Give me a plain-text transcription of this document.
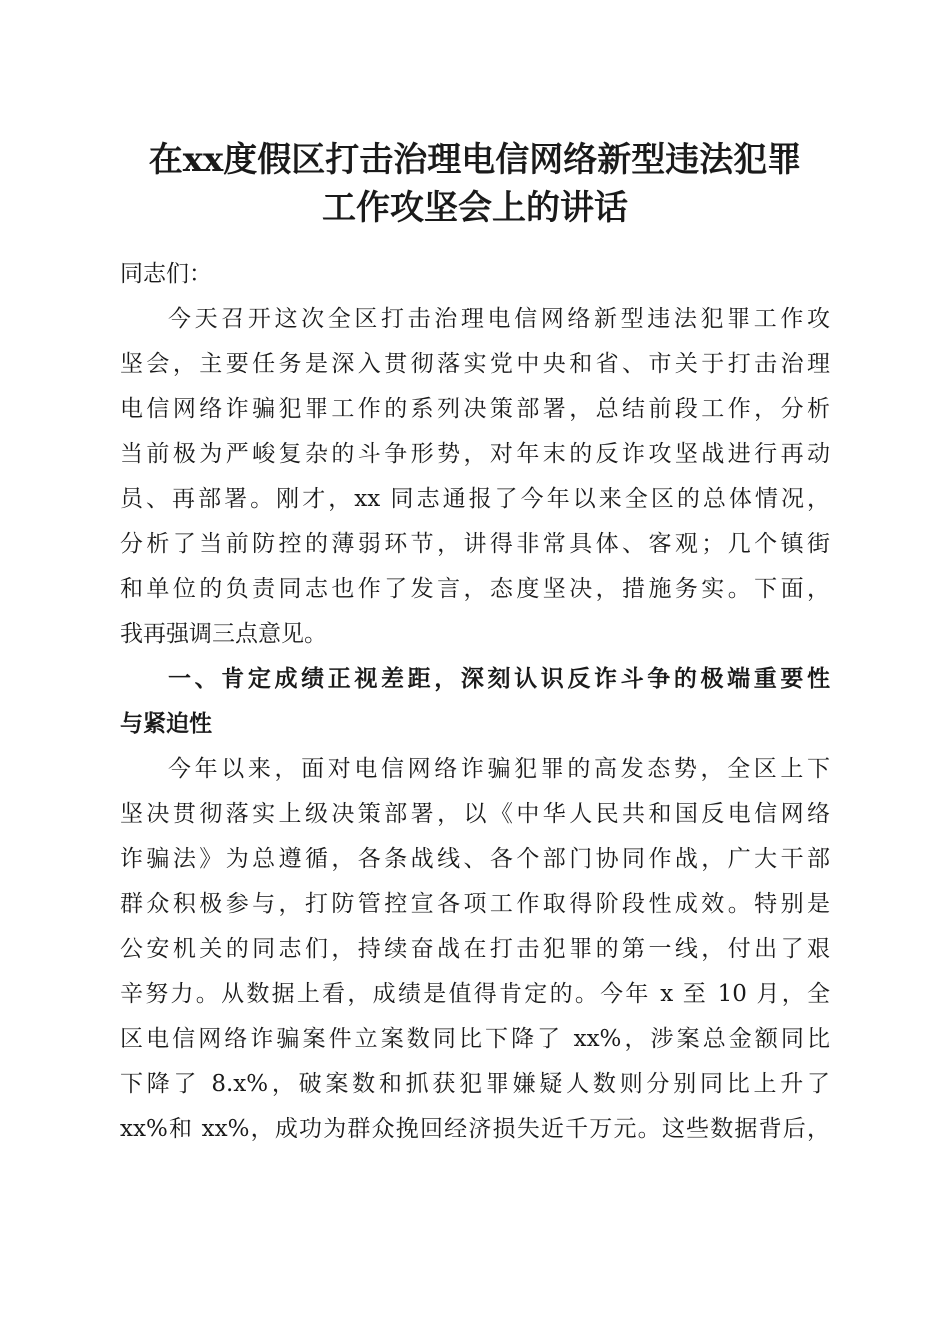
在xx度假区打击治理电信网络新型违法犯罪
工作攻坚会上的讲话
同志们：
今天召开这次全区打击治理电信网络新型违法犯罪工作攻
坚会，主要任务是深入贯彻落实党中央和省、市关于打击治理
电信网络诈骗犯罪工作的系列决策部署，总结前段工作，分析
当前极为严峻复杂的斗争形势，对年末的反诈攻坚战进行再动
员、再部署。刚才，xx 同志通报了今年以来全区的总体情况，
分析了当前防控的薄弱环节，讲得非常具体、客观；几个镇街
和单位的负责同志也作了发言，态度坚决，措施务实。下面，
我再强调三点意见。
一、肯定成绩正视差距，深刻认识反诈斗争的极端重要性
与紧迫性
今年以来，面对电信网络诈骗犯罪的高发态势，全区上下
坚决贯彻落实上级决策部署，以《中华人民共和国反电信网络
诈骗法》为总遵循，各条战线、各个部门协同作战，广大干部
群众积极参与，打防管控宣各项工作取得阶段性成效。特别是
公安机关的同志们，持续奋战在打击犯罪的第一线，付出了艰
辛努力。从数据上看，成绩是值得肯定的。今年 x 至 10 月，全
区电信网络诈骗案件立案数同比下降了 xx%，涉案总金额同比
下降了 8.x%，破案数和抓获犯罪嫌疑人数则分别同比上升了
xx%和 xx%，成功为群众挽回经济损失近千万元。这些数据背后，
